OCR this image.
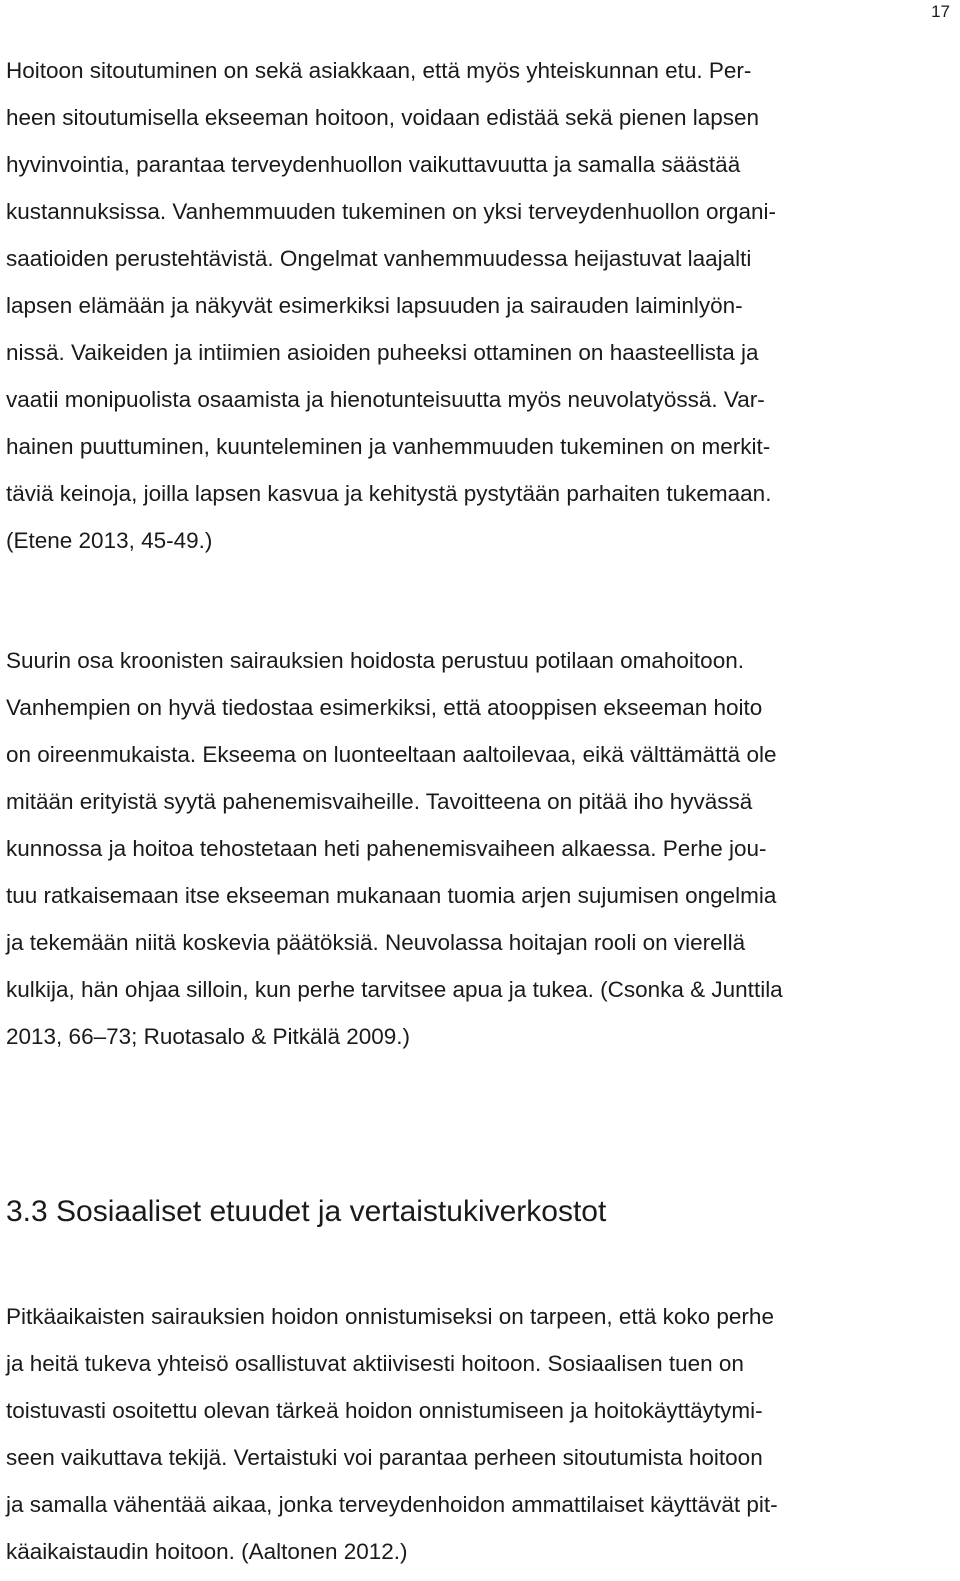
17
Hoitoon sitoutuminen on sekä asiakkaan, että myös yhteiskunnan etu. Per-
heen sitoutumisella ekseeman hoitoon, voidaan edistää sekä pienen lapsen
hyvinvointia, parantaa terveydenhuollon vaikuttavuutta ja samalla säästää
kustannuksissa. Vanhemmuuden tukeminen on yksi terveydenhuollon organi-
saatioiden perustehtävistä. Ongelmat vanhemmuudessa heijastuvat laajalti
lapsen elämään ja näkyvät esimerkiksi lapsuuden ja sairauden laiminlyön-
nissä. Vaikeiden ja intiimien asioiden puheeksi ottaminen on haasteellista ja
vaatii monipuolista osaamista ja hienotunteisuutta myös neuvolatyössä. Var-
hainen puuttuminen, kuunteleminen ja vanhemmuuden tukeminen on merkit-
täviä keinoja, joilla lapsen kasvua ja kehitystä pystytään parhaiten tukemaan.
(Etene 2013, 45-49.)
Suurin osa kroonisten sairauksien hoidosta perustuu potilaan omahoitoon.
Vanhempien on hyvä tiedostaa esimerkiksi, että atooppisen ekseeman hoito
on oireenmukaista. Ekseema on luonteeltaan aaltoilevaa, eikä välttämättä ole
mitään erityistä syytä pahenemisvaiheille. Tavoitteena on pitää iho hyvässä
kunnossa ja hoitoa tehostetaan heti pahenemisvaiheen alkaessa. Perhe jou-
tuu ratkaisemaan itse ekseeman mukanaan tuomia arjen sujumisen ongelmia
ja tekemään niitä koskevia päätöksiä. Neuvolassa hoitajan rooli on vierellä
kulkija, hän ohjaa silloin, kun perhe tarvitsee apua ja tukea. (Csonka & Junttila
2013, 66–73; Ruotasalo & Pitkälä 2009.)
3.3 Sosiaaliset etuudet ja vertaistukiverkostot
Pitkäaikaisten sairauksien hoidon onnistumiseksi on tarpeen, että koko perhe
ja heitä tukeva yhteisö osallistuvat aktiivisesti hoitoon. Sosiaalisen tuen on
toistuvasti osoitettu olevan tärkeä hoidon onnistumiseen ja hoitokäyttäytymi-
seen vaikuttava tekijä. Vertaistuki voi parantaa perheen sitoutumista hoitoon
ja samalla vähentää aikaa, jonka terveydenhoidon ammattilaiset käyttävät pit-
käaikaistaudin hoitoon. (Aaltonen 2012.)
